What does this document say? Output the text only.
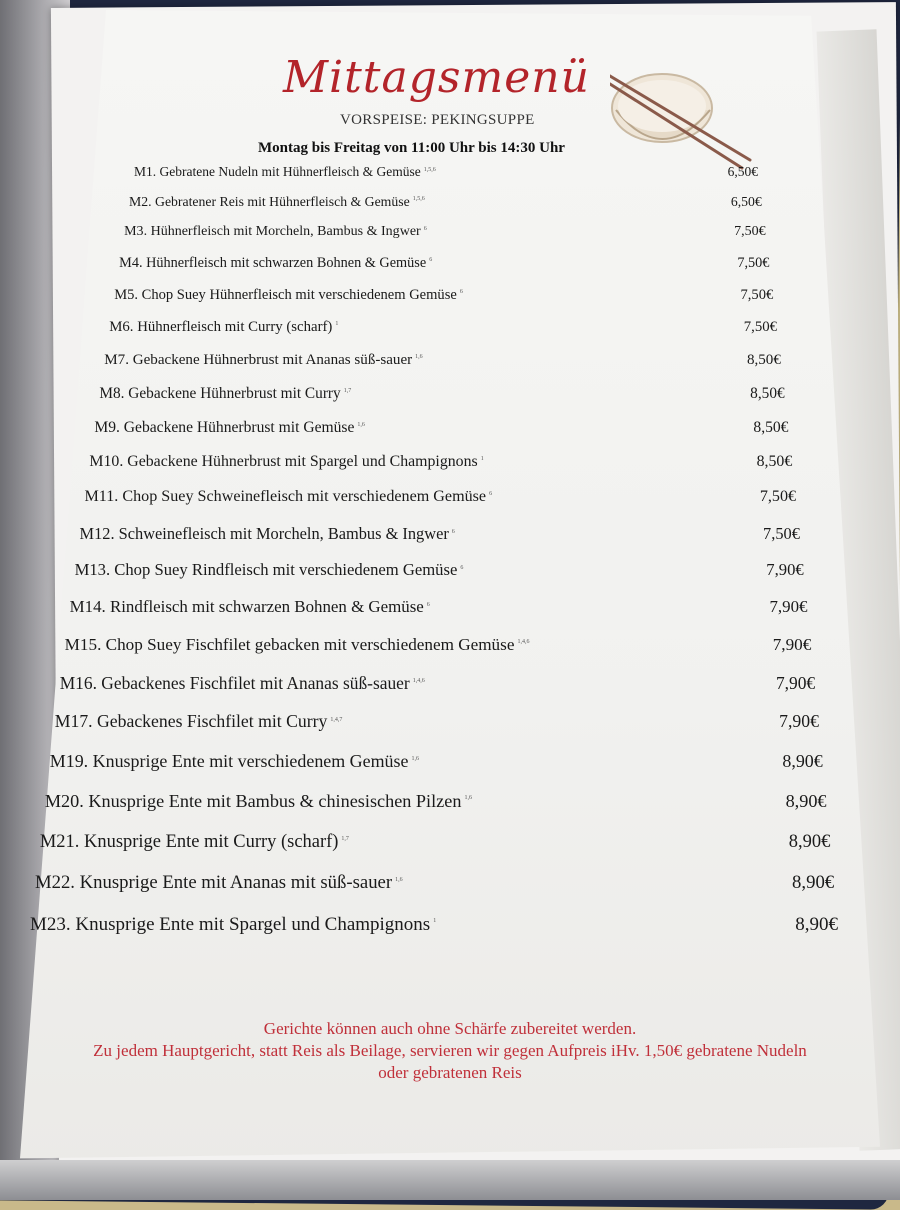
Mittagsmenü
VORSPEISE: PEKINGSUPPE
Montag bis Freitag von 11:00 Uhr bis 14:30 Uhr
M1. Gebratene Nudeln mit Hühnerfleisch & Gemüse $^{1,5,6}$	6,50€
M2. Gebratener Reis mit Hühnerfleisch & Gemüse $^{1,5,6}$	6,50€
M3. Hühnerfleisch mit Morcheln, Bambus & Ingwer $^6$	7,50€
M4. Hühnerfleisch mit schwarzen Bohnen & Gemüse $^6$	7,50€
M5. Chop Suey Hühnerfleisch mit verschiedenem Gemüse $^6$	7,50€
M6. Hühnerfleisch mit Curry (scharf) $^1$	7,50€
M7. Gebackene Hühnerbrust mit Ananas süß-sauer $^{1,6}$	8,50€
M8. Gebackene Hühnerbrust mit Curry $^{1,7}$	8,50€
M9. Gebackene Hühnerbrust mit Gemüse $^{1,6}$	8,50€
M10. Gebackene Hühnerbrust mit Spargel und Champignons $^1$	8,50€
M11. Chop Suey Schweinefleisch mit verschiedenem Gemüse $^6$	7,50€
M12. Schweinefleisch mit Morcheln, Bambus & Ingwer $^6$	7,50€
M13. Chop Suey Rindfleisch mit verschiedenem Gemüse $^6$	7,90€
M14. Rindfleisch mit schwarzen Bohnen & Gemüse $^6$	7,90€
M15. Chop Suey Fischfilet gebacken mit verschiedenem Gemüse $^{1,4,6}$	7,90€
M16. Gebackenes Fischfilet mit Ananas süß-sauer $^{1,4,6}$	7,90€
M17. Gebackenes Fischfilet mit Curry $^{1,4,7}$	7,90€
M19. Knusprige Ente mit verschiedenem Gemüse $^{1,6}$	8,90€
M20. Knusprige Ente mit Bambus & chinesischen Pilzen $^{1,6}$	8,90€
M21. Knusprige Ente mit Curry (scharf) $^{1,7}$	8,90€
M22. Knusprige Ente mit Ananas mit süß-sauer $^{1,6}$	8,90€
M23. Knusprige Ente mit Spargel und Champignons $^1$	8,90€

Gerichte können auch ohne Schärfe zubereitet werden.

Zu jedem Hauptgericht, statt Reis als Beilage, servieren wir gegen Aufpreis iHv. 1,50€ gebratene Nudeln

oder gebratenen Reis
